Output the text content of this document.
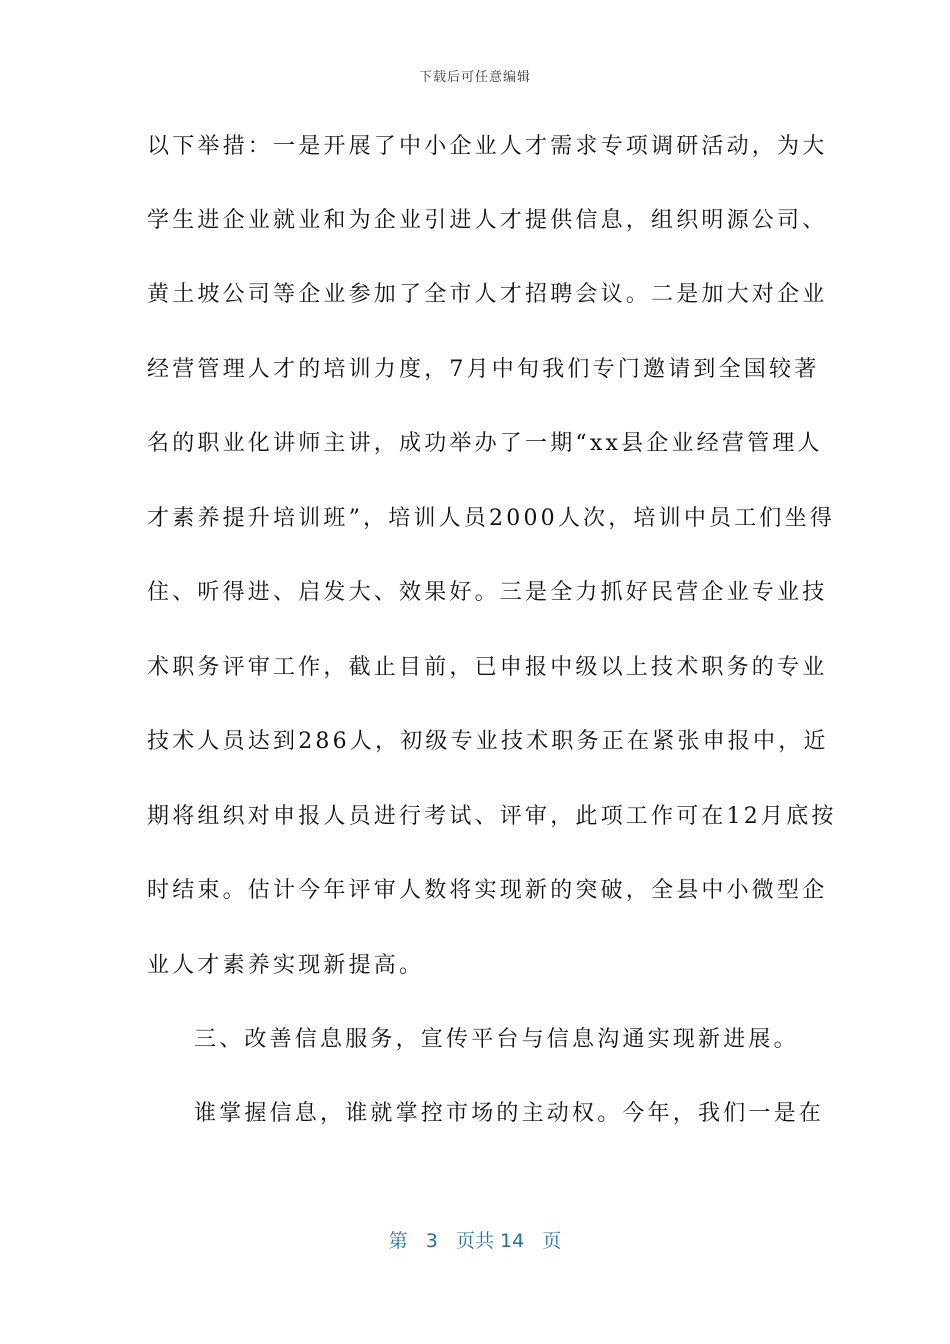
下载后可任意编辑
以下举措：一是开展了中小企业人才需求专项调研活动，为大
学生进企业就业和为企业引进人才提供信息，组织明源公司、
黄土坡公司等企业参加了全市人才招聘会议。二是加大对企业
经营管理人才的培训力度，7月中旬我们专门邀请到全国较著
名的职业化讲师主讲，成功举办了一期“xx县企业经营管理人
才素养提升培训班”，培训人员2000人次，培训中员工们坐得
住、听得进、启发大、效果好。三是全力抓好民营企业专业技
术职务评审工作，截止目前，已申报中级以上技术职务的专业
技术人员达到286人，初级专业技术职务正在紧张申报中，近
期将组织对申报人员进行考试、评审，此项工作可在12月底按
时结束。估计今年评审人数将实现新的突破，全县中小微型企
业人才素养实现新提高。
三、改善信息服务，宣传平台与信息沟通实现新进展。
谁掌握信息，谁就掌控市场的主动权。今年，我们一是在
第 3 页共 14 页
